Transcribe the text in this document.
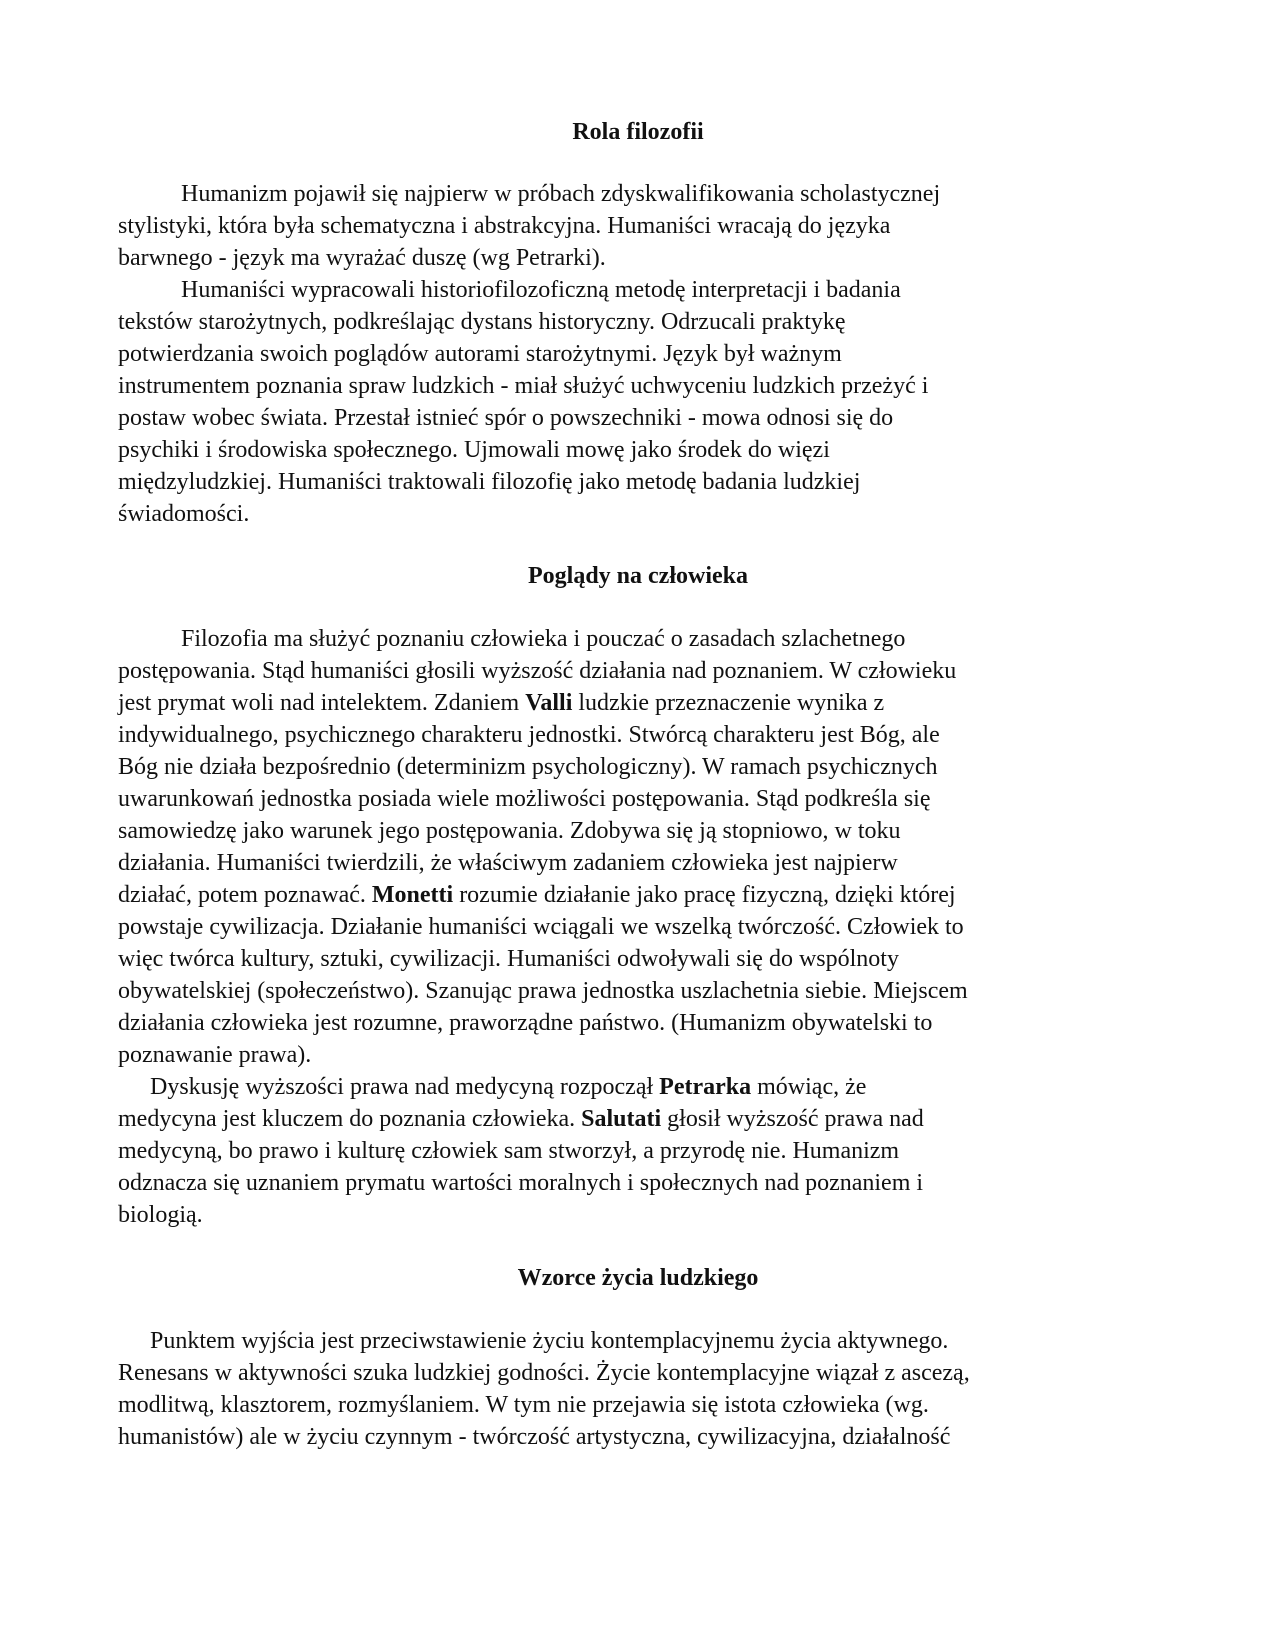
Rola filozofii

Humanizm pojawił się najpierw w próbach zdyskwalifikowania scholastycznej

stylistyki, która była schematyczna i abstrakcyjna. Humaniści wracają do języka

barwnego - język ma wyrażać duszę (wg Petrarki).

Humaniści wypracowali historiofilozoficzną metodę interpretacji i badania

tekstów starożytnych, podkreślając dystans historyczny. Odrzucali praktykę

potwierdzania swoich poglądów autorami starożytnymi. Język był ważnym

instrumentem poznania spraw ludzkich - miał służyć uchwyceniu ludzkich przeżyć i

postaw wobec świata. Przestał istnieć spór o powszechniki - mowa odnosi się do

psychiki i środowiska społecznego. Ujmowali mowę jako środek do więzi

międzyludzkiej. Humaniści traktowali filozofię jako metodę badania ludzkiej

świadomości.

Poglądy na człowieka

Filozofia ma służyć poznaniu człowieka i pouczać o zasadach szlachetnego

postępowania. Stąd humaniści głosili wyższość działania nad poznaniem. W człowieku

jest prymat woli nad intelektem. Zdaniem Valli ludzkie przeznaczenie wynika z

indywidualnego, psychicznego charakteru jednostki. Stwórcą charakteru jest Bóg, ale

Bóg nie działa bezpośrednio (determinizm psychologiczny). W ramach psychicznych

uwarunkowań jednostka posiada wiele możliwości postępowania. Stąd podkreśla się

samowiedzę jako warunek jego postępowania. Zdobywa się ją stopniowo, w toku

działania. Humaniści twierdzili, że właściwym zadaniem człowieka jest najpierw

działać, potem poznawać. Monetti rozumie działanie jako pracę fizyczną, dzięki której

powstaje cywilizacja. Działanie humaniści wciągali we wszelką twórczość. Człowiek to

więc twórca kultury, sztuki, cywilizacji. Humaniści odwoływali się do wspólnoty

obywatelskiej (społeczeństwo). Szanując prawa jednostka uszlachetnia siebie. Miejscem

działania człowieka jest rozumne, praworządne państwo. (Humanizm obywatelski to

poznawanie prawa).

Dyskusję wyższości prawa nad medycyną rozpoczął Petrarka mówiąc, że

medycyna jest kluczem do poznania człowieka. Salutati głosił wyższość prawa nad

medycyną, bo prawo i kulturę człowiek sam stworzył, a przyrodę nie. Humanizm

odznacza się uznaniem prymatu wartości moralnych i społecznych nad poznaniem i

biologią.

Wzorce życia ludzkiego

Punktem wyjścia jest przeciwstawienie życiu kontemplacyjnemu życia aktywnego.

Renesans w aktywności szuka ludzkiej godności. Życie kontemplacyjne wiązał z ascezą,

modlitwą, klasztorem, rozmyślaniem. W tym nie przejawia się istota człowieka (wg.

humanistów) ale w życiu czynnym - twórczość artystyczna, cywilizacyjna, działalność
